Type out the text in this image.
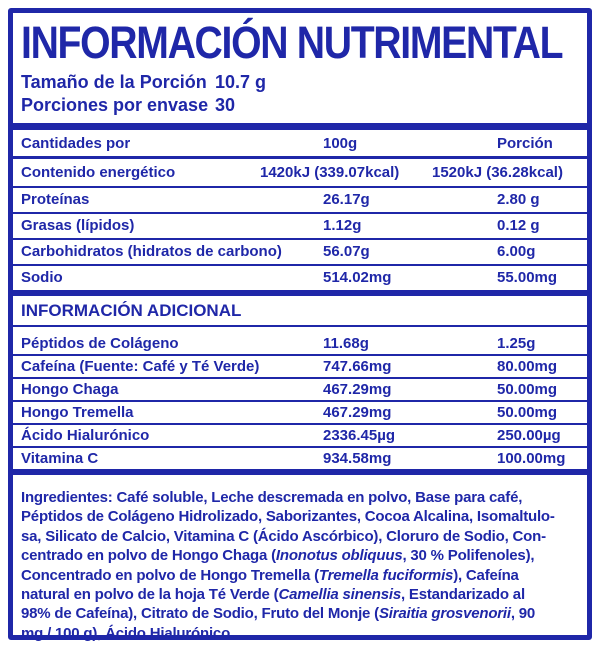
INFORMACIÓN NUTRIMENTAL
Tamaño de la Porción 10.7 g
Porciones por envase 30
Cantidades por	100g	Porción
Contenido energético	1420kJ (339.07kcal)	1520kJ (36.28kcal)
Proteínas	26.17g	2.80 g
Grasas (lípidos)	1.12g	0.12 g
Carbohidratos (hidratos de carbono)	56.07g	6.00g
Sodio	514.02mg	55.00mg
INFORMACIÓN ADICIONAL
Péptidos de Colágeno	11.68g	1.25g
Cafeína (Fuente: Café y Té Verde)	747.66mg	80.00mg
Hongo Chaga	467.29mg	50.00mg
Hongo Tremella	467.29mg	50.00mg
Ácido Hialurónico	2336.45µg	250.00µg
Vitamina C	934.58mg	100.00mg
Ingredientes: Café soluble, Leche descremada en polvo, Base para café,
Péptidos de Colágeno Hidrolizado, Saborizantes, Cocoa Alcalina, Isomaltulo-
sa, Silicato de Calcio, Vitamina C (Ácido Ascórbico), Cloruro de Sodio, Con-
centrado en polvo de Hongo Chaga (Inonotus obliquus, 30 % Polifenoles),
Concentrado en polvo de Hongo Tremella (Tremella fuciformis), Cafeína
natural en polvo de la hoja Té Verde (Camellia sinensis, Estandarizado al
98% de Cafeína), Citrato de Sodio, Fruto del Monje (Siraitia grosvenorii, 90
mg / 100 g), Ácido Hialurónico.
